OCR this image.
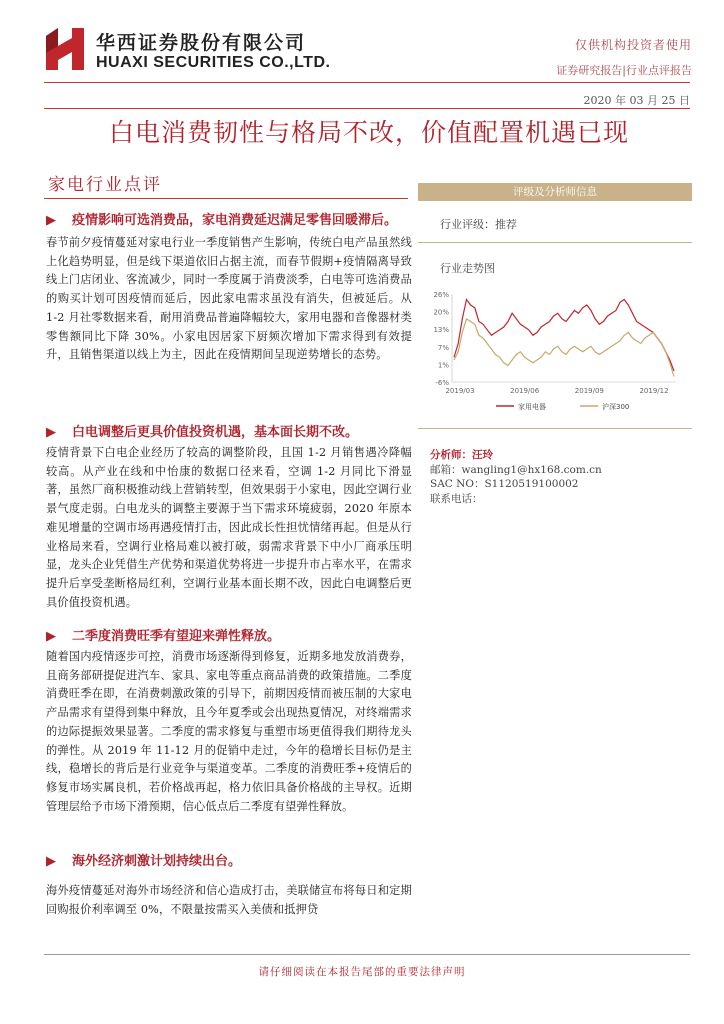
华西证券股份有限公司
HUAXI SECURITIES CO.,LTD.
仅供机构投资者使用
证券研究报告|行业点评报告
2020 年 03 月 25 日
白电消费韧性与格局不改，价值配置机遇已现
家电行业点评
▶ 疫情影响可选消费品，家电消费延迟满足零售回暖滞后。
春节前夕疫情蔓延对家电行业一季度销售产生影响，传统白电产品虽然线上化趋势明显，但是线下渠道依旧占据主流，而春节假期+疫情隔离导致线上门店闭业、客流减少，同时一季度属于消费淡季，白电等可选消费品的购买计划可因疫情而延后，因此家电需求虽没有消失，但被延后。从 1-2 月社零数据来看，耐用消费品普遍降幅较大，家用电器和音像器材类零售额同比下降 30%。小家电因居家下厨频次增加下需求得到有效提升，且销售渠道以线上为主，因此在疫情期间呈现逆势增长的态势。
▶ 白电调整后更具价值投资机遇，基本面长期不改。
疫情背景下白电企业经历了较高的调整阶段，且国 1-2 月销售遇冷降幅较高。从产业在线和中怡康的数据口径来看，空调 1-2 月同比下滑显著，虽然厂商积极推动线上营销转型，但效果弱于小家电，因此空调行业景气度走弱。白电龙头的调整主要源于当下需求环境疲弱，2020 年原本难见增量的空调市场再遇疫情打击，因此成长性担忧情绪再起。但是从行业格局来看，空调行业格局难以被打破，弱需求背景下中小厂商承压明显，龙头企业凭借生产优势和渠道优势将进一步提升市占率水平，在需求提升后享受垄断格局红利，空调行业基本面长期不改，因此白电调整后更具价值投资机遇。
▶ 二季度消费旺季有望迎来弹性释放。
随着国内疫情逐步可控，消费市场逐渐得到修复，近期多地发放消费券，且商务部研提促进汽车、家具、家电等重点商品消费的政策措施。二季度消费旺季在即，在消费刺激政策的引导下，前期因疫情而被压制的大家电产品需求有望得到集中释放，且今年夏季或会出现热夏情况，对终端需求的边际提振效果显著。二季度的需求修复与重塑市场更值得我们期待龙头的弹性。从 2019 年 11-12 月的促销中走过，今年的稳增长目标仍是主线，稳增长的背后是行业竞争与渠道变革。二季度的消费旺季+疫情后的修复市场实属良机，若价格战再起，格力依旧具备价格战的主导权。近期管理层给予市场下滑预期，信心低点后二季度有望弹性释放。
▶ 海外经济刺激计划持续出台。
海外疫情蔓延对海外市场经济和信心造成打击，美联储宣布将每日和定期回购报价利率调至 0%，不限量按需买入美债和抵押贷
评级及分析师信息
行业评级：推荐
行业走势图
26%
20%
13%
7%
1%
-6%
2019/03	2019/06	2019/09	2019/12
家用电器	沪深300
分析师：汪玲
邮箱：wangling1@hx168.com.cn
SAC NO：S1120519100002
联系电话：
请仔细阅读在本报告尾部的重要法律声明
